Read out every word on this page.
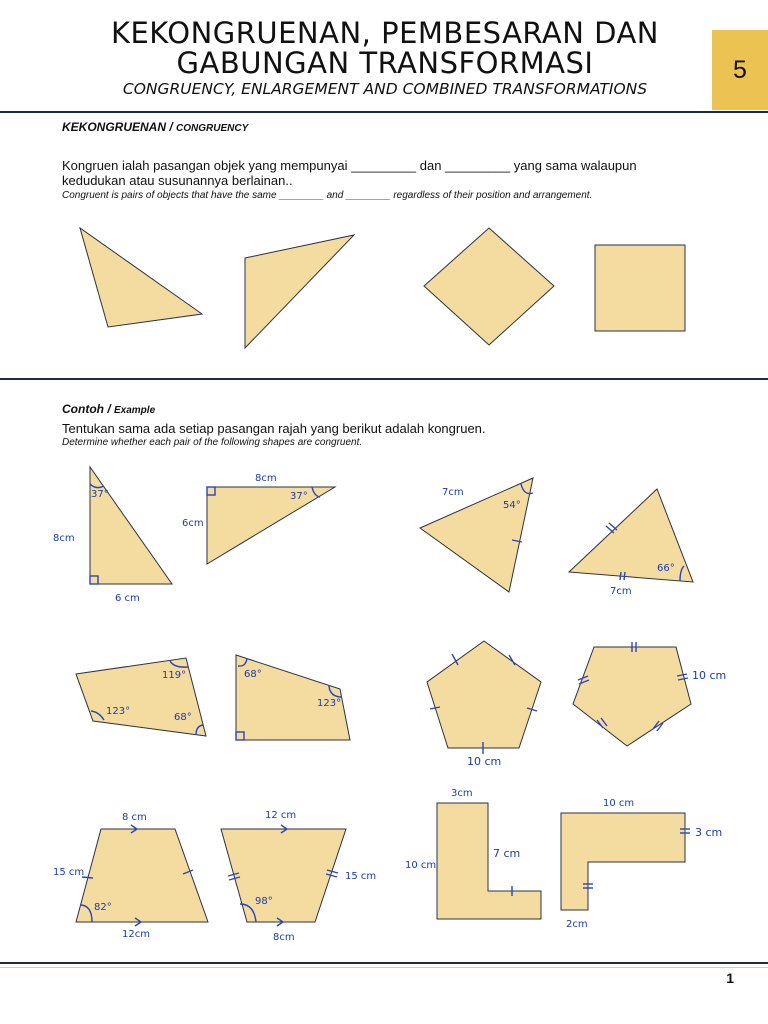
KEKONGRUENAN, PEMBESARAN DAN
GABUNGAN TRANSFORMASI
CONGRUENCY, ENLARGEMENT AND COMBINED TRANSFORMATIONS
5
KEKONGRUENAN / CONGRUENCY
Kongruen ialah pasangan objek yang mempunyai _________ dan _________ yang sama walaupun
kedudukan atau susunannya berlainan..
Congruent is pairs of objects that have the same ________ and ________ regardless of their position and arrangement.
Contoh / Example
Tentukan sama ada setiap pasangan rajah yang berikut adalah kongruen.
Determine whether each pair of the following shapes are congruent.
37°
8cm
6 cm
8cm
37°
6cm
7cm
54°
66°
7cm
119°
123°
68°
68°
123°
10 cm
10 cm
8 cm
15 cm
82°
12cm
12 cm
15 cm
98°
8cm
3cm
10 cm
7 cm
10 cm
3 cm
2cm
1
